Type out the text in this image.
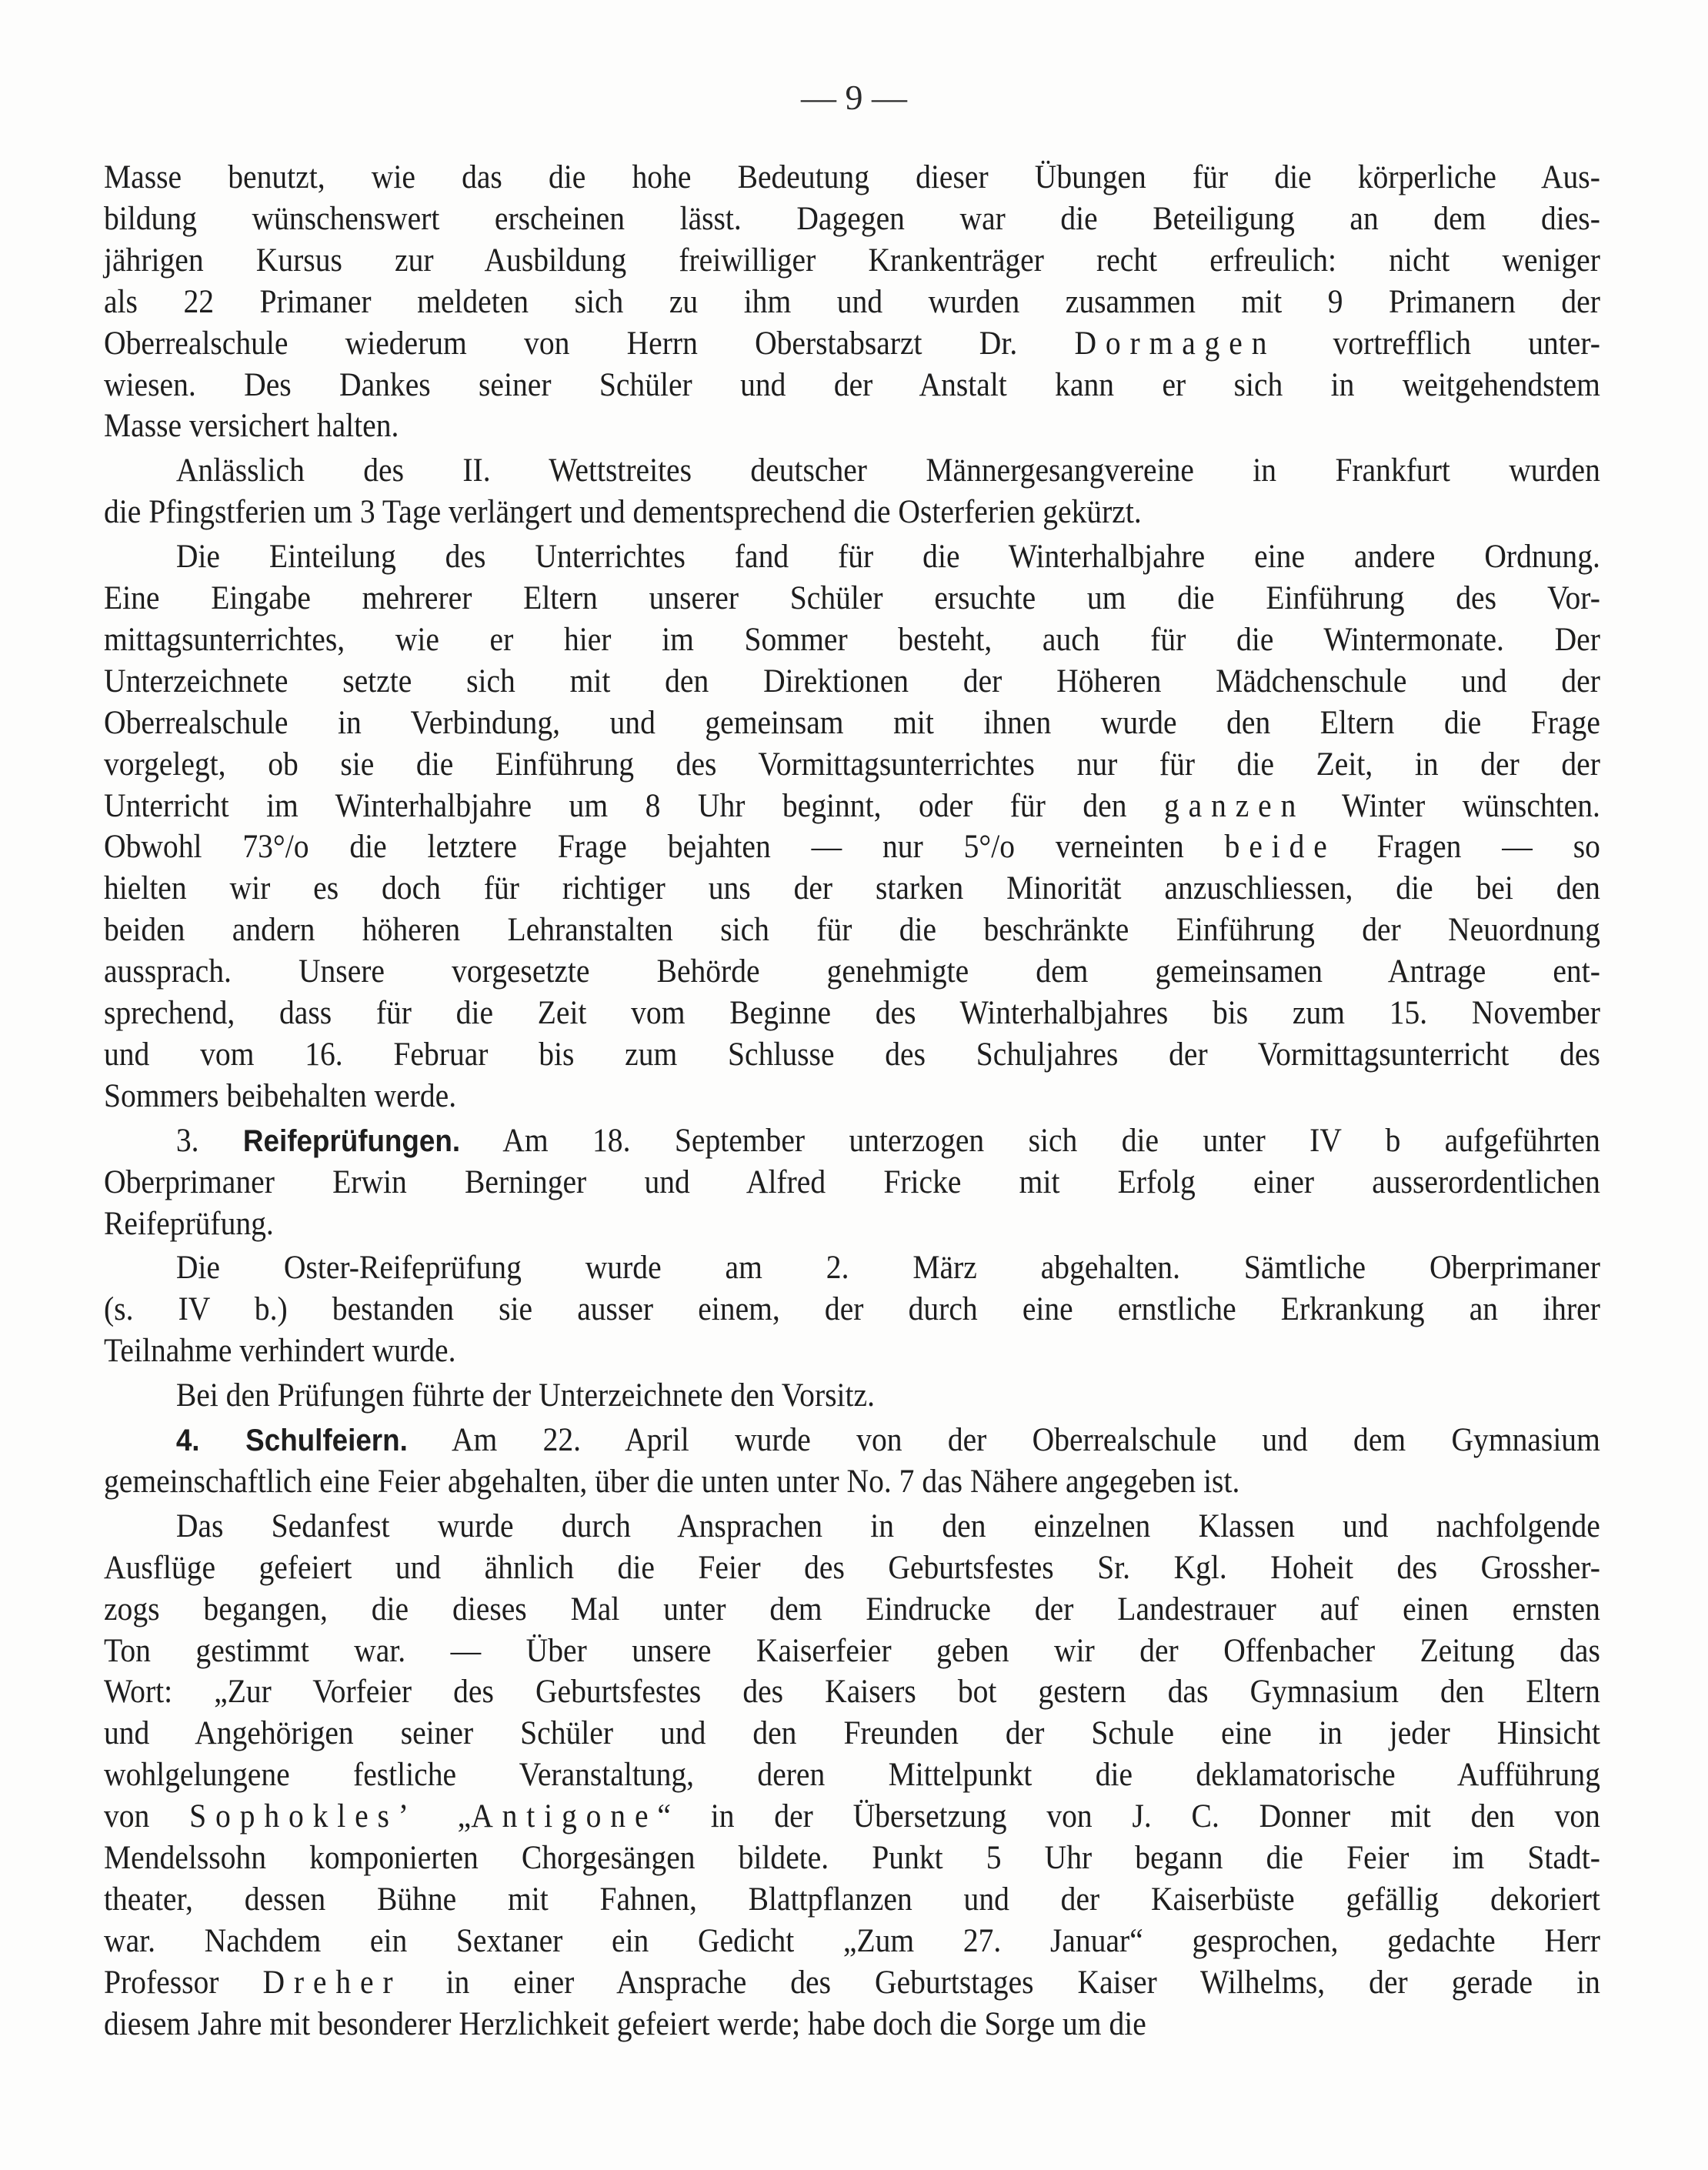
— 9 —
Masse benutzt, wie das die hohe Bedeutung dieser Übungen für die körperliche Aus-
bildung wünschenswert erscheinen lässt. Dagegen war die Beteiligung an dem dies-
jährigen Kursus zur Ausbildung freiwilliger Krankenträger recht erfreulich: nicht weniger
als 22 Primaner meldeten sich zu ihm und wurden zusammen mit 9 Primanern der
Oberrealschule wiederum von Herrn Oberstabsarzt Dr. Dormagen vortrefflich unter-
wiesen. Des Dankes seiner Schüler und der Anstalt kann er sich in weitgehendstem
Masse versichert halten.
Anlässlich des II. Wettstreites deutscher Männergesangvereine in Frankfurt wurden
die Pfingstferien um 3 Tage verlängert und dementsprechend die Osterferien gekürzt.
Die Einteilung des Unterrichtes fand für die Winterhalbjahre eine andere Ordnung.
Eine Eingabe mehrerer Eltern unserer Schüler ersuchte um die Einführung des Vor-
mittagsunterrichtes, wie er hier im Sommer besteht, auch für die Wintermonate. Der
Unterzeichnete setzte sich mit den Direktionen der Höheren Mädchenschule und der
Oberrealschule in Verbindung, und gemeinsam mit ihnen wurde den Eltern die Frage
vorgelegt, ob sie die Einführung des Vormittagsunterrichtes nur für die Zeit, in der der
Unterricht im Winterhalbjahre um 8 Uhr beginnt, oder für den ganzen Winter wünschten.
Obwohl 73°/o die letztere Frage bejahten — nur 5°/o verneinten beide Fragen — so
hielten wir es doch für richtiger uns der starken Minorität anzuschliessen, die bei den
beiden andern höheren Lehranstalten sich für die beschränkte Einführung der Neuordnung
aussprach. Unsere vorgesetzte Behörde genehmigte dem gemeinsamen Antrage ent-
sprechend, dass für die Zeit vom Beginne des Winterhalbjahres bis zum 15. November
und vom 16. Februar bis zum Schlusse des Schuljahres der Vormittagsunterricht des
Sommers beibehalten werde.
3. Reifeprüfungen. Am 18. September unterzogen sich die unter IV b aufgeführten
Oberprimaner Erwin Berninger und Alfred Fricke mit Erfolg einer ausserordentlichen
Reifeprüfung.
Die Oster-Reifeprüfung wurde am 2. März abgehalten. Sämtliche Oberprimaner
(s. IV b.) bestanden sie ausser einem, der durch eine ernstliche Erkrankung an ihrer
Teilnahme verhindert wurde.
Bei den Prüfungen führte der Unterzeichnete den Vorsitz.
4. Schulfeiern. Am 22. April wurde von der Oberrealschule und dem Gymnasium
gemeinschaftlich eine Feier abgehalten, über die unten unter No. 7 das Nähere angegeben ist.
Das Sedanfest wurde durch Ansprachen in den einzelnen Klassen und nachfolgende
Ausflüge gefeiert und ähnlich die Feier des Geburtsfestes Sr. Kgl. Hoheit des Grossher-
zogs begangen, die dieses Mal unter dem Eindrucke der Landestrauer auf einen ernsten
Ton gestimmt war. — Über unsere Kaiserfeier geben wir der Offenbacher Zeitung das
Wort: „Zur Vorfeier des Geburtsfestes des Kaisers bot gestern das Gymnasium den Eltern
und Angehörigen seiner Schüler und den Freunden der Schule eine in jeder Hinsicht
wohlgelungene festliche Veranstaltung, deren Mittelpunkt die deklamatorische Aufführung
von Sophokles’ „Antigone“ in der Übersetzung von J. C. Donner mit den von
Mendelssohn komponierten Chorgesängen bildete. Punkt 5 Uhr begann die Feier im Stadt-
theater, dessen Bühne mit Fahnen, Blattpflanzen und der Kaiserbüste gefällig dekoriert
war. Nachdem ein Sextaner ein Gedicht „Zum 27. Januar“ gesprochen, gedachte Herr
Professor Dreher in einer Ansprache des Geburtstages Kaiser Wilhelms, der gerade in
diesem Jahre mit besonderer Herzlichkeit gefeiert werde; habe doch die Sorge um die
